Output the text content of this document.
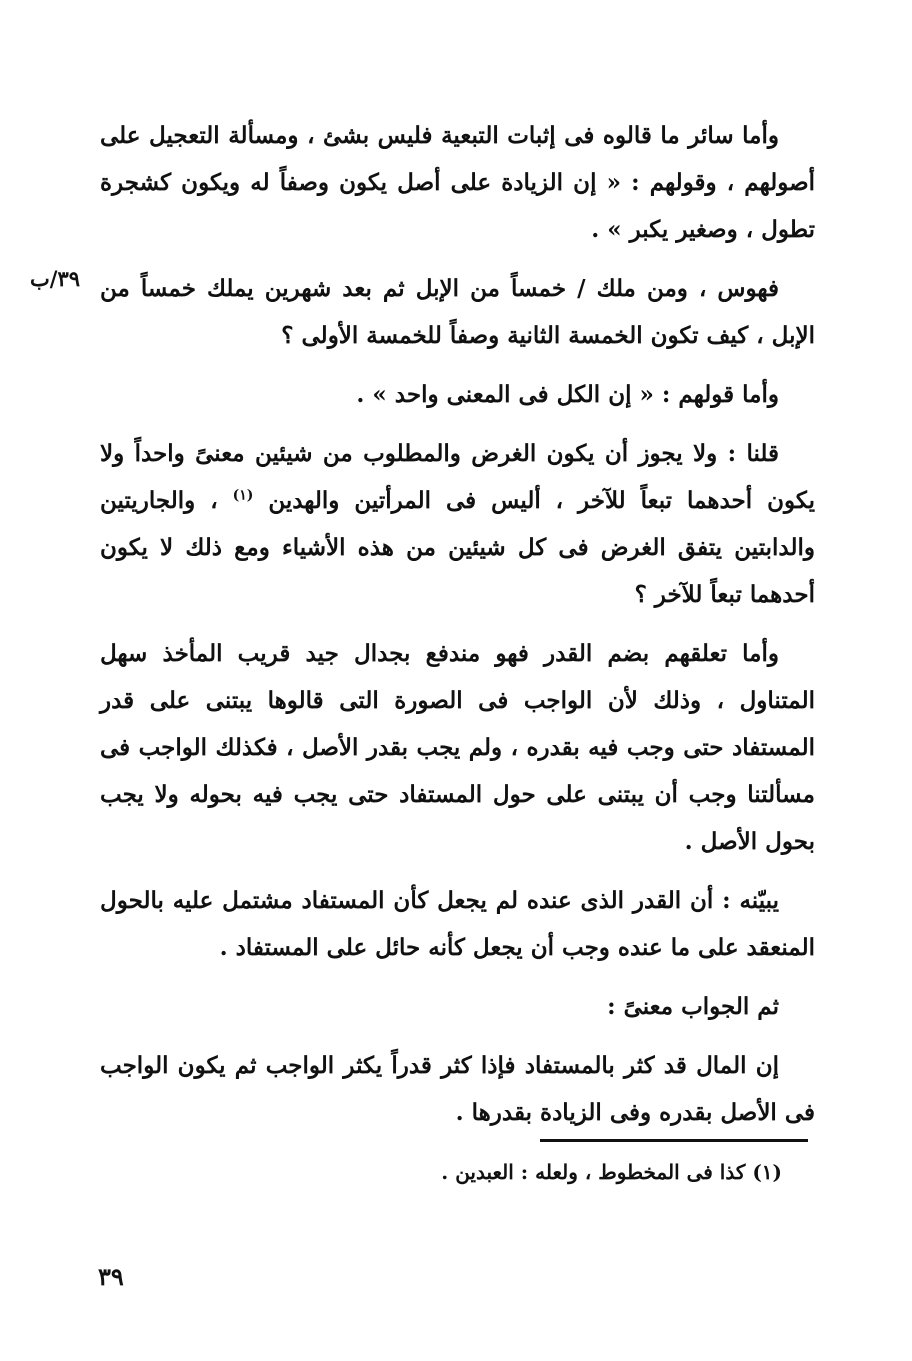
٣٩/ب

وأما سائر ما قالوه فى إثبات التبعية فليس بشئ ، ومسألة التعجيل على أصولهم ، وقولهم : « إن الزيادة على أصل يكون وصفاً له ويكون كشجرة تطول ، وصغير يكبر » .

فهوس ، ومن ملك / خمساً من الإبل ثم بعد شهرين يملك خمساً من الإبل ، كيف تكون الخمسة الثانية وصفاً للخمسة الأولى ؟

وأما قولهم : « إن الكل فى المعنى واحد » .

قلنا : ولا يجوز أن يكون الغرض والمطلوب من شيئين معنىً واحداً ولا يكون أحدهما تبعاً للآخر ، أليس فى المرأتين والهدين $^{(١)}$ ، والجاريتين والدابتين يتفق الغرض فى كل شيئين من هذه الأشياء ومع ذلك لا يكون أحدهما تبعاً للآخر ؟

وأما تعلقهم بضم القدر فهو مندفع بجدال جيد قريب المأخذ سهل المتناول ، وذلك لأن الواجب فى الصورة التى قالوها يبتنى على قدر المستفاد حتى وجب فيه بقدره ، ولم يجب بقدر الأصل ، فكذلك الواجب فى مسألتنا وجب أن يبتنى على حول المستفاد حتى يجب فيه بحوله ولا يجب بحول الأصل .

يبيّنه : أن القدر الذى عنده لم يجعل كأن المستفاد مشتمل عليه بالحول المنعقد على ما عنده وجب أن يجعل كأنه حائل على المستفاد .

ثم الجواب معنىً :

إن المال قد كثر بالمستفاد فإذا كثر قدراً يكثر الواجب ثم يكون الواجب فى الأصل بقدره وفى الزيادة بقدرها .

(١) كذا فى المخطوط ، ولعله : العبدين .
٣٩
